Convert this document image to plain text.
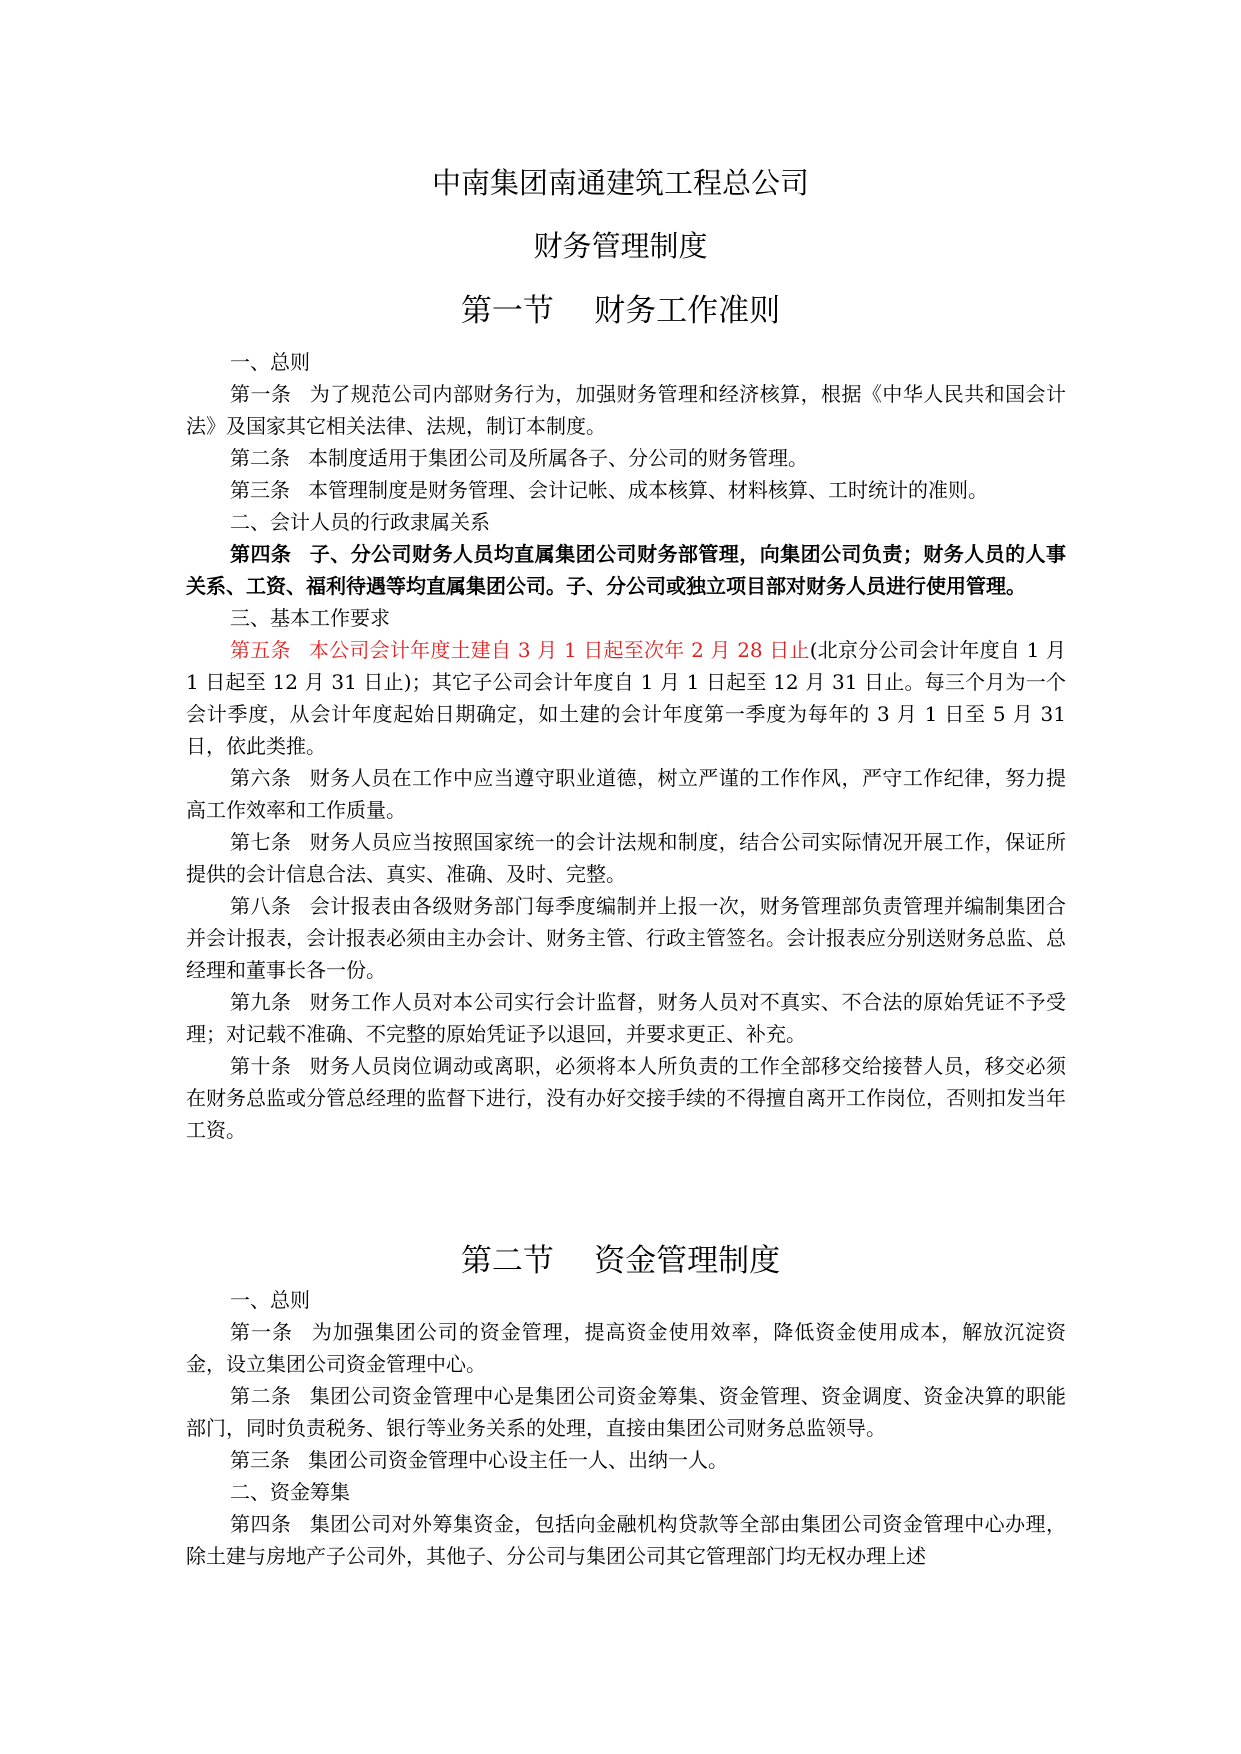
中南集团南通建筑工程总公司
财务管理制度
第一节 财务工作准则

一、总则

第一条 为了规范公司内部财务行为，加强财务管理和经济核算，根据《中华人民共和国会计法》及国家其它相关法律、法规，制订本制度。

第二条 本制度适用于集团公司及所属各子、分公司的财务管理。

第三条 本管理制度是财务管理、会计记帐、成本核算、材料核算、工时统计的准则。

二、会计人员的行政隶属关系

第四条 子、分公司财务人员均直属集团公司财务部管理，向集团公司负责；财务人员的人事关系、工资、福利待遇等均直属集团公司。子、分公司或独立项目部对财务人员进行使用管理。

三、基本工作要求

第五条 本公司会计年度土建自 3 月 1 日起至次年 2 月 28 日止(北京分公司会计年度自 1 月 1 日起至 12 月 31 日止)；其它子公司会计年度自 1 月 1 日起至 12 月 31 日止。每三个月为一个会计季度，从会计年度起始日期确定，如土建的会计年度第一季度为每年的 3 月 1 日至 5 月 31 日，依此类推。

第六条 财务人员在工作中应当遵守职业道德，树立严谨的工作作风，严守工作纪律，努力提高工作效率和工作质量。

第七条 财务人员应当按照国家统一的会计法规和制度，结合公司实际情况开展工作，保证所提供的会计信息合法、真实、准确、及时、完整。

第八条 会计报表由各级财务部门每季度编制并上报一次，财务管理部负责管理并编制集团合并会计报表，会计报表必须由主办会计、财务主管、行政主管签名。会计报表应分别送财务总监、总经理和董事长各一份。

第九条 财务工作人员对本公司实行会计监督，财务人员对不真实、不合法的原始凭证不予受理；对记载不准确、不完整的原始凭证予以退回，并要求更正、补充。

第十条 财务人员岗位调动或离职，必须将本人所负责的工作全部移交给接替人员，移交必须在财务总监或分管总经理的监督下进行，没有办好交接手续的不得擅自离开工作岗位，否则扣发当年工资。

第二节 资金管理制度

一、总则

第一条 为加强集团公司的资金管理，提高资金使用效率，降低资金使用成本，解放沉淀资金，设立集团公司资金管理中心。

第二条 集团公司资金管理中心是集团公司资金筹集、资金管理、资金调度、资金决算的职能部门，同时负责税务、银行等业务关系的处理，直接由集团公司财务总监领导。

第三条 集团公司资金管理中心设主任一人、出纳一人。

二、资金筹集

第四条 集团公司对外筹集资金，包括向金融机构贷款等全部由集团公司资金管理中心办理，除土建与房地产子公司外，其他子、分公司与集团公司其它管理部门均无权办理上述
